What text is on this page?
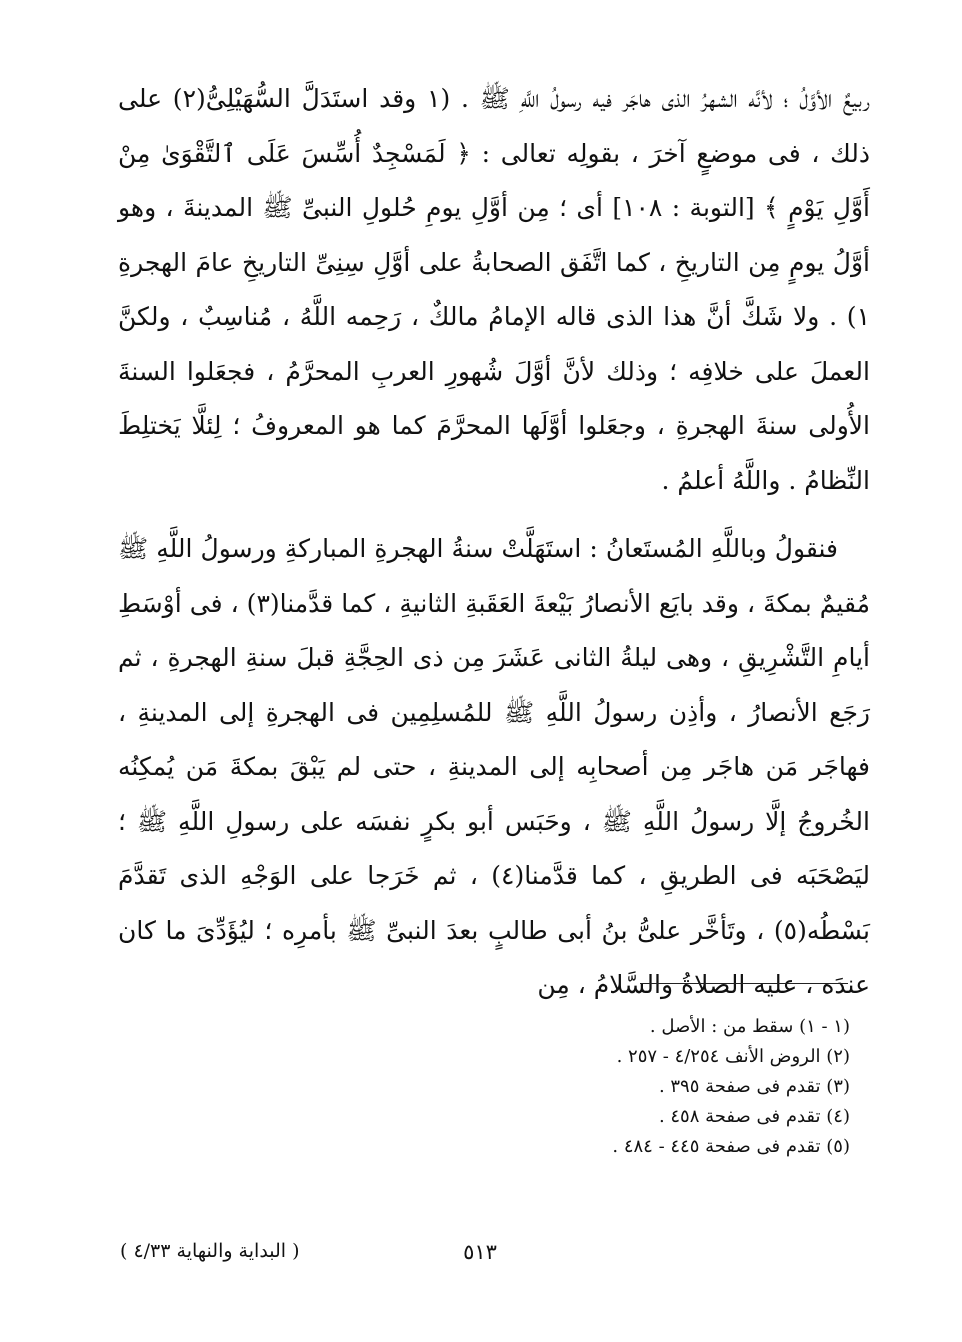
ربيعٌ الأوَّلُ ؛ لأنَّه الشهرُ الذى هاجَر فيه رسولُ اللَّهِ ﷺ . (١ وقد استَدَلَّ السُّهَيْلِىُّ(٢) على ذلك ، فى موضعٍ آخرَ ، بقولِه تعالى : ﴿ لَمَسْجِدٌ أُسِّسَ عَلَى ٱلتَّقْوَىٰ مِنْ أَوَّلِ يَوْمٍ ﴾ [التوبة : ١٠٨] أى ؛ مِن أوَّلِ يومِ حُلولِ النبىِّ ﷺ المدينةَ ، وهو أوَّلُ يومٍ مِن التاريخِ ، كما اتَّفَق الصحابةُ على أوَّلِ سِنِىِّ التاريخِ عامَ الهجرةِ ١) . ولا شَكَّ أنَّ هذا الذى قاله الإمامُ مالكٌ ، رَحِمه اللَّهُ ، مُناسِبٌ ، ولكنَّ العملَ على خلافِه ؛ وذلك لأنَّ أوَّلَ شُهورِ العربِ المحرَّمُ ، فجعَلوا السنةَ الأُولى سنةَ الهجرةِ ، وجعَلوا أوَّلَها المحرَّمَ كما هو المعروفُ ؛ لِئلَّا يَختلِطَ النِّظامُ . واللَّهُ أعلمُ .

فنقولُ وباللَّهِ المُستَعانُ : استَهَلَّتْ سنةُ الهجرةِ المباركةِ ورسولُ اللَّهِ ﷺ مُقيمٌ بمكةَ ، وقد بايَع الأنصارُ بَيْعةَ العَقَبةِ الثانيةِ ، كما قدَّمنا(٣) ، فى أوْسَطِ أيامِ التَّشْرِيقِ ، وهى ليلةُ الثانى عَشَرَ مِن ذى الحِجَّةِ قبلَ سنةِ الهجرةِ ، ثم رَجَع الأنصارُ ، وأذِن رسولُ اللَّهِ ﷺ للمُسلِمِين فى الهجرةِ إلى المدينةِ ، فهاجَر مَن هاجَر مِن أصحابِه إلى المدينةِ ، حتى لم يَبْقَ بمكةَ مَن يُمكِنُه الخُروجُ إلَّا رسولُ اللَّهِ ﷺ ، وحَبَس أبو بكرٍ نفسَه على رسولِ اللَّهِ ﷺ ؛ ليَصْحَبَه فى الطريقِ ، كما قدَّمنا(٤) ، ثم خَرَجا على الوَجْهِ الذى تَقدَّمَ بَسْطُه(٥) ، وتَأخَّر علىُّ بنُ أبى طالبٍ بعدَ النبىِّ ﷺ بأمرِه ؛ ليُؤَدِّىَ ما كان عندَه ، عليه الصلاةُ والسَّلامُ ، مِن

(١ - ١) سقط من : الأصل .
(٢) الروض الأنف ٤/٢٥٤ - ٢٥٧ .
(٣) تقدم فى صفحة ٣٩٥ .
(٤) تقدم فى صفحة ٤٥٨ .
(٥) تقدم فى صفحة ٤٤٥ - ٤٨٤ .
٥١٣
( البداية والنهاية ٤/٣٣ )
